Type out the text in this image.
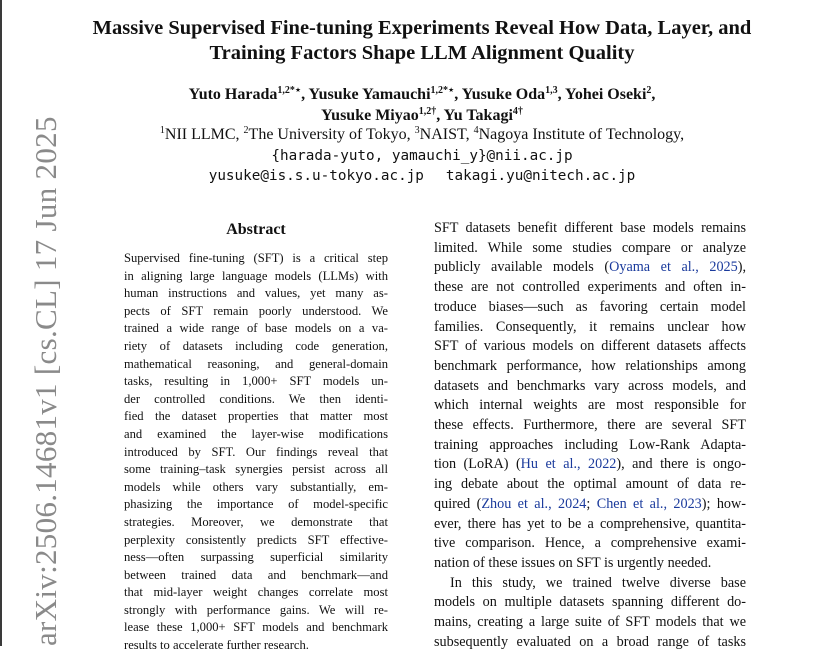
arXiv:2506.14681v1 [cs.CL] 17 Jun 2025
Massive Supervised Fine-tuning Experiments Reveal How Data, Layer, and
Training Factors Shape LLM Alignment Quality
Yuto Harada$^{1,2*⋆}$, Yusuke Yamauchi$^{1,2*⋆}$, Yusuke Oda$^{1,3}$, Yohei Oseki$^2$,
Yusuke Miyao$^{1,2\dagger}$, Yu Takagi$^{4\dagger}$
$^1$NII LLMC, $^2$The University of Tokyo, $^3$NAIST, $^4$Nagoya Institute of Technology,
{harada-yuto, yamauchi_y}@nii.ac.jp
yusuke@is.s.u-tokyo.ac.jp takagi.yu@nitech.ac.jp
Abstract
Supervised fine-tuning (SFT) is a critical step
in aligning large language models (LLMs) with
human instructions and values, yet many as-
pects of SFT remain poorly understood. We
trained a wide range of base models on a va-
riety of datasets including code generation,
mathematical reasoning, and general-domain
tasks, resulting in 1,000+ SFT models un-
der controlled conditions. We then identi-
fied the dataset properties that matter most
and examined the layer-wise modifications
introduced by SFT. Our findings reveal that
some training–task synergies persist across all
models while others vary substantially, em-
phasizing the importance of model-specific
strategies. Moreover, we demonstrate that
perplexity consistently predicts SFT effective-
ness—often surpassing superficial similarity
between trained data and benchmark—and
that mid-layer weight changes correlate most
strongly with performance gains. We will re-
lease these 1,000+ SFT models and benchmark
results to accelerate further research.
SFT datasets benefit different base models remains
limited. While some studies compare or analyze
publicly available models (Oyama et al., 2025),
these are not controlled experiments and often in-
troduce biases—such as favoring certain model
families. Consequently, it remains unclear how
SFT of various models on different datasets affects
benchmark performance, how relationships among
datasets and benchmarks vary across models, and
which internal weights are most responsible for
these effects. Furthermore, there are several SFT
training approaches including Low-Rank Adapta-
tion (LoRA) (Hu et al., 2022), and there is ongo-
ing debate about the optimal amount of data re-
quired (Zhou et al., 2024; Chen et al., 2023); how-
ever, there has yet to be a comprehensive, quantita-
tive comparison. Hence, a comprehensive exami-
nation of these issues on SFT is urgently needed.
In this study, we trained twelve diverse base
models on multiple datasets spanning different do-
mains, creating a large suite of SFT models that we
subsequently evaluated on a broad range of tasks
